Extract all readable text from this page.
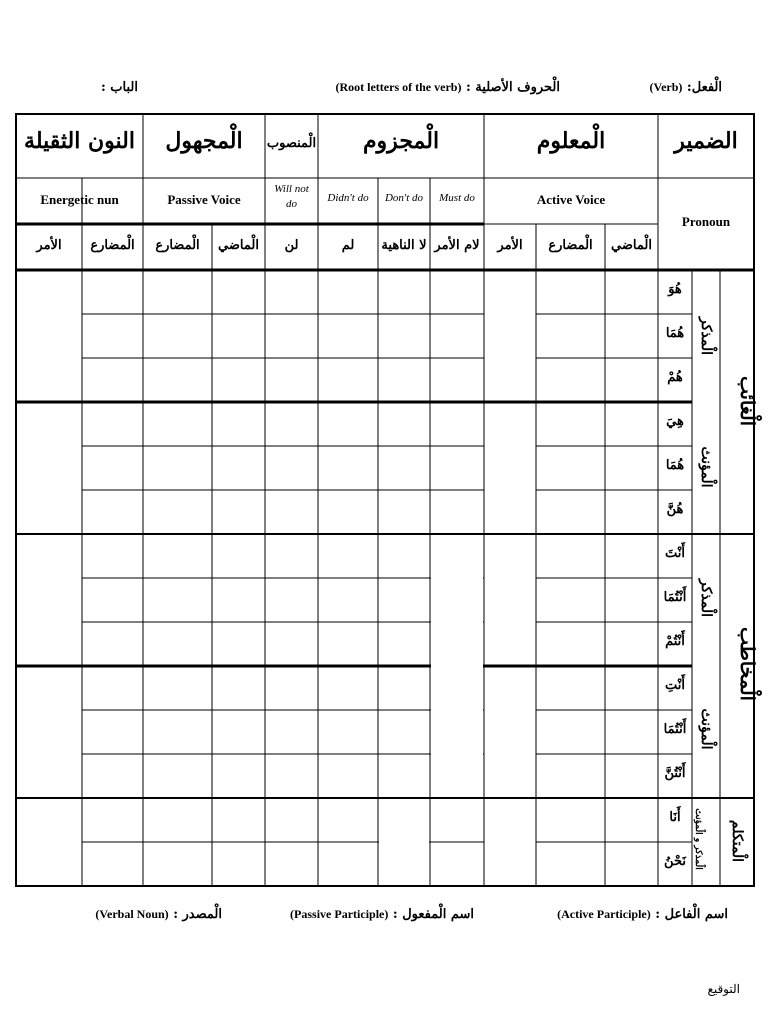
الْفعل: (Verb)
الْحروف الأصلية : (Root letters of the verb)
الباب :
الضمير
Pronoun
الْمعلوم
Active Voice
الْمجزوم
Must do
Don't do
Didn't do
الْمنصوب
Will not do
الْمجهول
Passive Voice
النون الثقيلة
Energetic nun
الْماضي
الْمضارع
الأمر
لام الأمر
لا الناهية
لم
لن
الْماضي
الْمضارع
الْمضارع
الأمر
الْغائب
الْمخاطب
الْمتكلم
الْمذكر
الْمؤنث
الْمذكر
الْمؤنث
الْمذكر و الْمؤنث
هُوَ
هُمَا
هُمْ
هِيَ
هُمَا
هُنَّ
أَنْتَ
أَنْتُمَا
أَنْتُمْ
أَنْتِ
أَنْتُمَا
أَنْتُنَّ
أَنَا
نَحْنُ
اسم الْفاعل : (Active Participle)
اسم الْمفعول : (Passive Participle)
الْمصدر : (Verbal Noun)
التوقيع
